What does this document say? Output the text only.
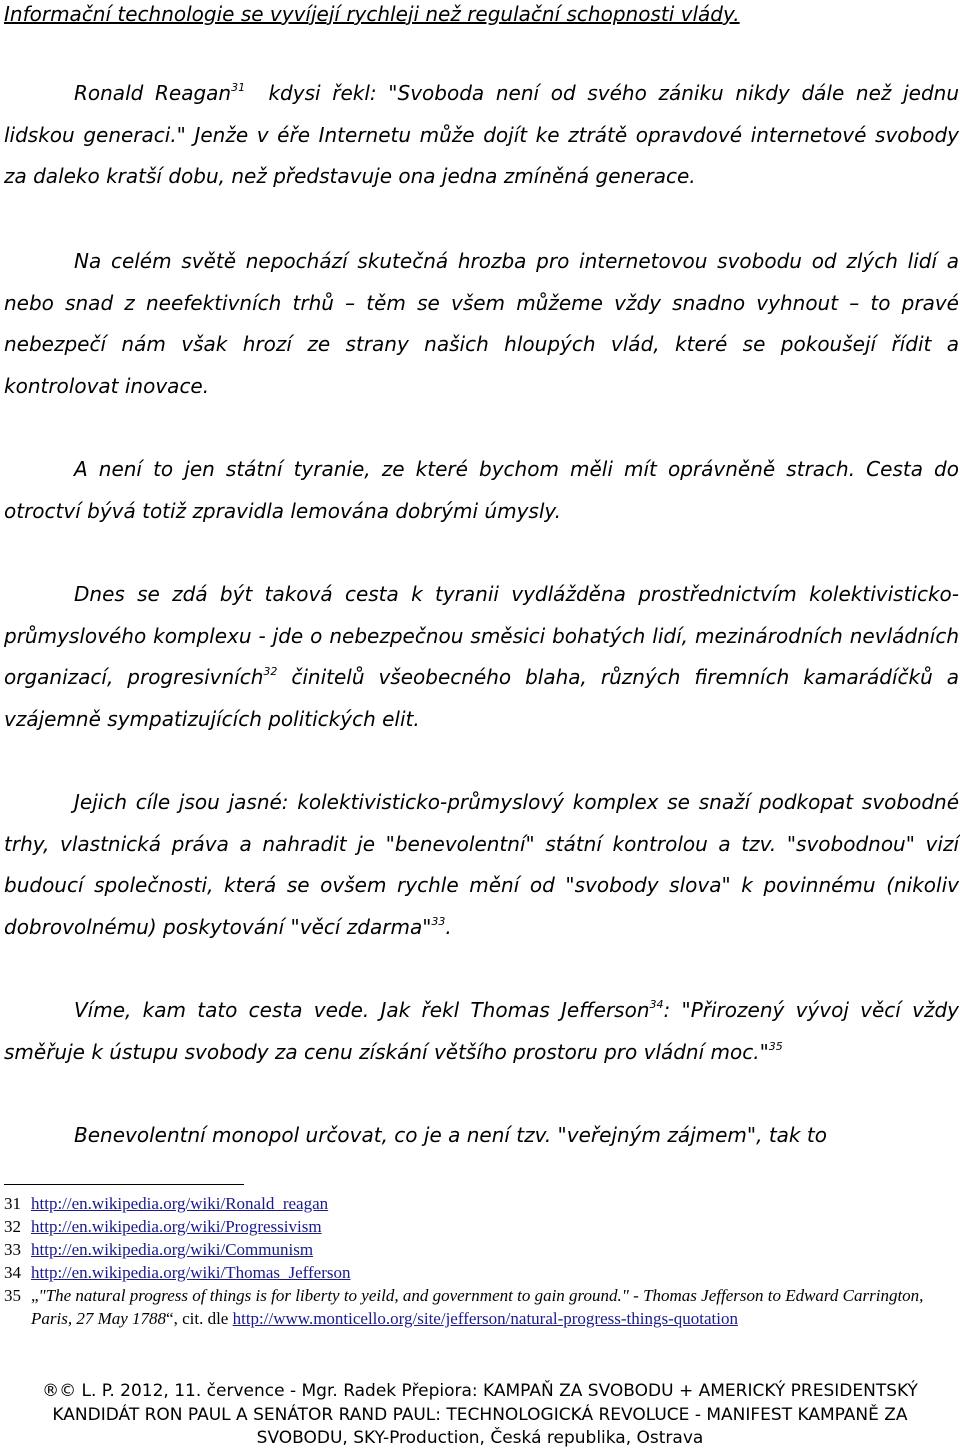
Informační technologie se vyvíjejí rychleji než regulační schopnosti vlády.

Ronald Reagan$^{31}$  kdysi řekl: "Svoboda není od svého zániku nikdy dále než jednu lidskou generaci." Jenže v éře Internetu může dojít ke ztrátě opravdové internetové svobody za daleko kratší dobu, než představuje ona jedna zmíněná generace.

Na celém světě nepochází skutečná hrozba pro internetovou svobodu od zlých lidí a nebo snad z neefektivních trhů – těm se všem můžeme vždy snadno vyhnout – to pravé nebezpečí nám však hrozí ze strany našich hloupých vlád, které se pokoušejí řídit a kontrolovat inovace.

A není to jen státní tyranie, ze které bychom měli mít oprávněně strach. Cesta do otroctví bývá totiž zpravidla lemována dobrými úmysly.

Dnes se zdá být taková cesta k tyranii vydlážděna prostřednictvím kolektivisticko-průmyslového komplexu - jde o nebezpečnou směsici bohatých lidí, mezinárodních nevládních organizací, progresivních$^{32}$ činitelů všeobecného blaha, různých firemních kamarádíčků a vzájemně sympatizujících politických elit.

Jejich cíle jsou jasné: kolektivisticko-průmyslový komplex se snaží podkopat svobodné trhy, vlastnická práva a nahradit je "benevolentní" státní kontrolou a tzv. "svobodnou" vizí budoucí společnosti, která se ovšem rychle mění od "svobody slova" k povinnému (nikoliv dobrovolnému) poskytování "věcí zdarma"$^{33}$.

Víme, kam tato cesta vede. Jak řekl Thomas Jefferson$^{34}$: "Přirozený vývoj věcí vždy směřuje k ústupu svobody za cenu získání většího prostoru pro vládní moc."$^{35}$

Benevolentní monopol určovat, co je a není tzv. "veřejným zájmem", tak to

31 http://en.wikipedia.org/wiki/Ronald_reagan
32 http://en.wikipedia.org/wiki/Progressivism
33 http://en.wikipedia.org/wiki/Communism
34 http://en.wikipedia.org/wiki/Thomas_Jefferson
35 „"The natural progress of things is for liberty to yeild, and government to gain ground." - Thomas Jefferson to Edward Carrington, Paris, 27 May 1788“, cit. dle http://www.monticello.org/site/jefferson/natural-progress-things-quotation
®© L. P. 2012, 11. července - Mgr. Radek Přepiora: KAMPAŇ ZA SVOBODU + AMERICKÝ PRESIDENTSKÝ
KANDIDÁT RON PAUL A SENÁTOR RAND PAUL: TECHNOLOGICKÁ REVOLUCE - MANIFEST KAMPANĚ ZA
SVOBODU, SKY-Production, Česká republika, Ostrava
